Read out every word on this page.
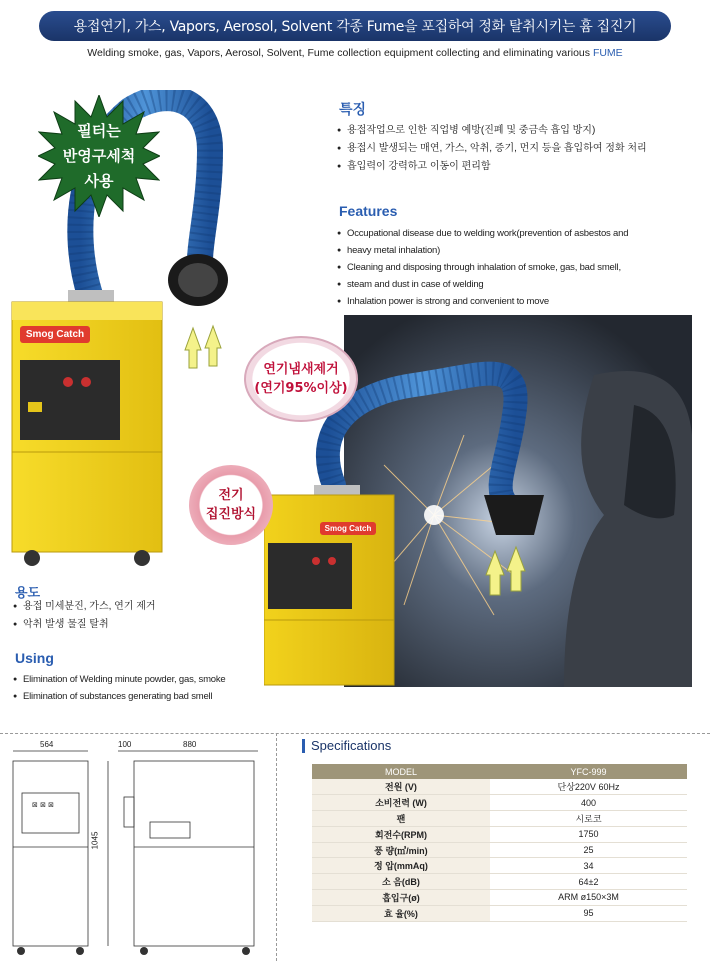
용접연기, 가스, Vapors, Aerosol, Solvent 각종 Fume을 포집하여 정화 탈취시키는 흄 집진기
Welding smoke, gas, Vapors, Aerosol, Solvent, Fume collection equipment collecting and eliminating various FUME
Smog Catch
필터는
반영구세척
사용
특징
● 용접작업으로 인한 직업병 예방(진폐 및 중금속 흡입 방지)
● 용접시 발생되는 매연, 가스, 악취, 증기, 먼지 등을 흡입하여 정화 처리
● 흡입력이 강력하고 이동이 편리함
Features
● Occupational disease due to welding work(prevention of asbestos and
● heavy metal inhalation)
● Cleaning and disposing through inhalation of smoke, gas, bad smell,
● steam and dust in case of welding
● Inhalation power is strong and convenient to move
Smog Catch
연기냄새제거
(연기95%이상)
전기
집진방식
용도
● 용접 미세분진, 가스, 연기 제거
● 악취 발생 물질 탈취
Using
● Elimination of Welding minute powder, gas, smoke
● Elimination of substances generating bad smell
⊠ ⊠ ⊠
564	100	880
1045
Specifications
MODEL	YFC-999
전원 (V)	단상220V 60Hz
소비전력 (W)	400
팬	시로코
회전수(RPM)	1750
풍 량(㎥/min)	25
정 압(mmAq)	34
소 음(dB)	64±2
흡입구(ø)	ARM ø150×3M
효 율(%)	95
